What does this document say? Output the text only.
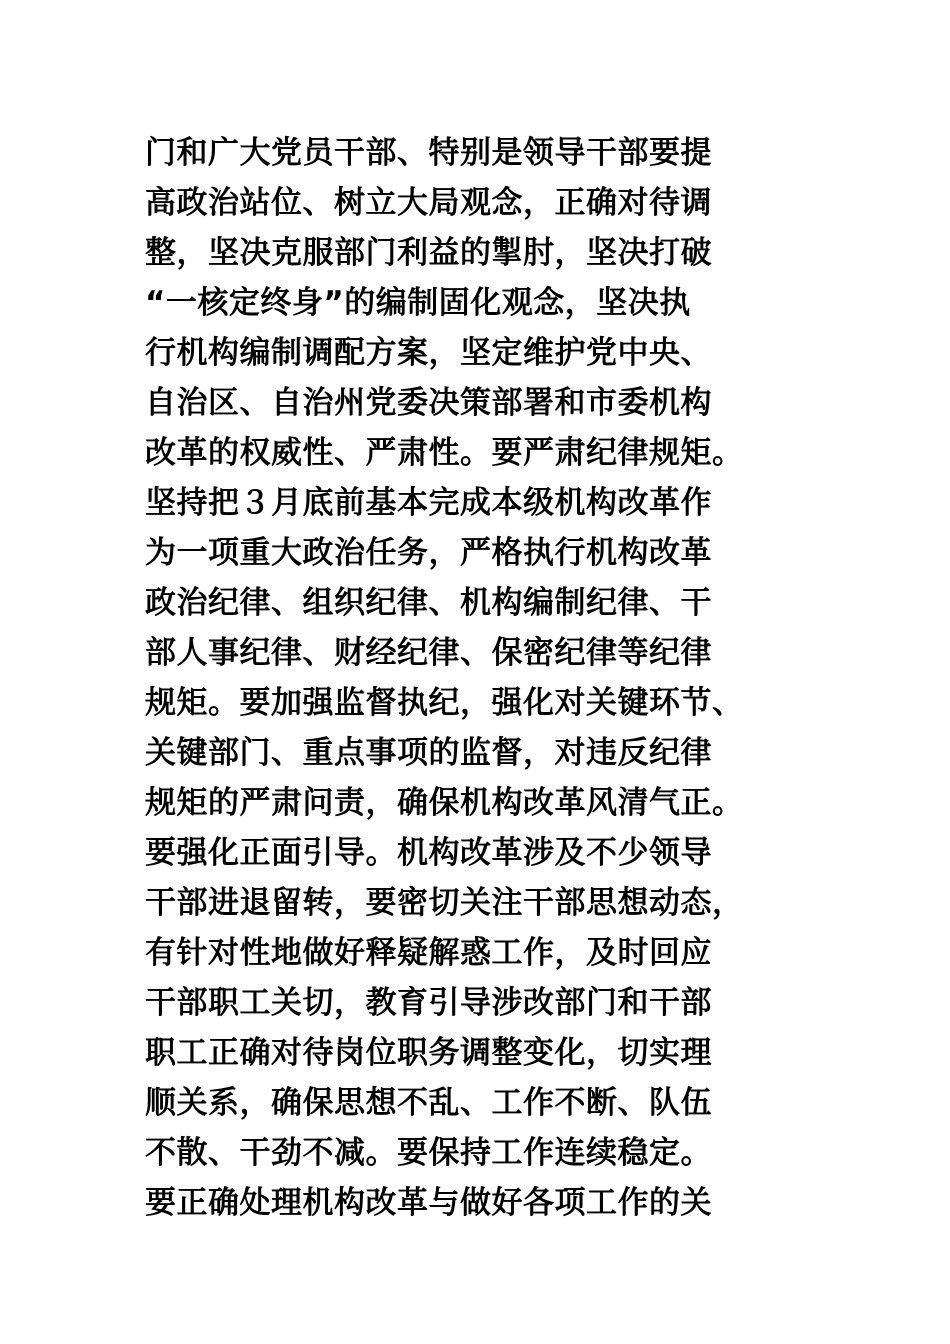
门和广大党员干部、特别是领导干部要提
高政治站位、树立大局观念，正确对待调
整，坚决克服部门利益的掣肘，坚决打破
“一核定终身”的编制固化观念，坚决执
行机构编制调配方案，坚定维护党中央、
自治区、自治州党委决策部署和市委机构
改革的权威性、严肃性。要严肃纪律规矩。
坚持把３月底前基本完成本级机构改革作
为一项重大政治任务，严格执行机构改革
政治纪律、组织纪律、机构编制纪律、干
部人事纪律、财经纪律、保密纪律等纪律
规矩。要加强监督执纪，强化对关键环节、
关键部门、重点事项的监督，对违反纪律
规矩的严肃问责，确保机构改革风清气正。
要强化正面引导。机构改革涉及不少领导
干部进退留转，要密切关注干部思想动态，
有针对性地做好释疑解惑工作，及时回应
干部职工关切，教育引导涉改部门和干部
职工正确对待岗位职务调整变化，切实理
顺关系，确保思想不乱、工作不断、队伍
不散、干劲不减。要保持工作连续稳定。
要正确处理机构改革与做好各项工作的关
